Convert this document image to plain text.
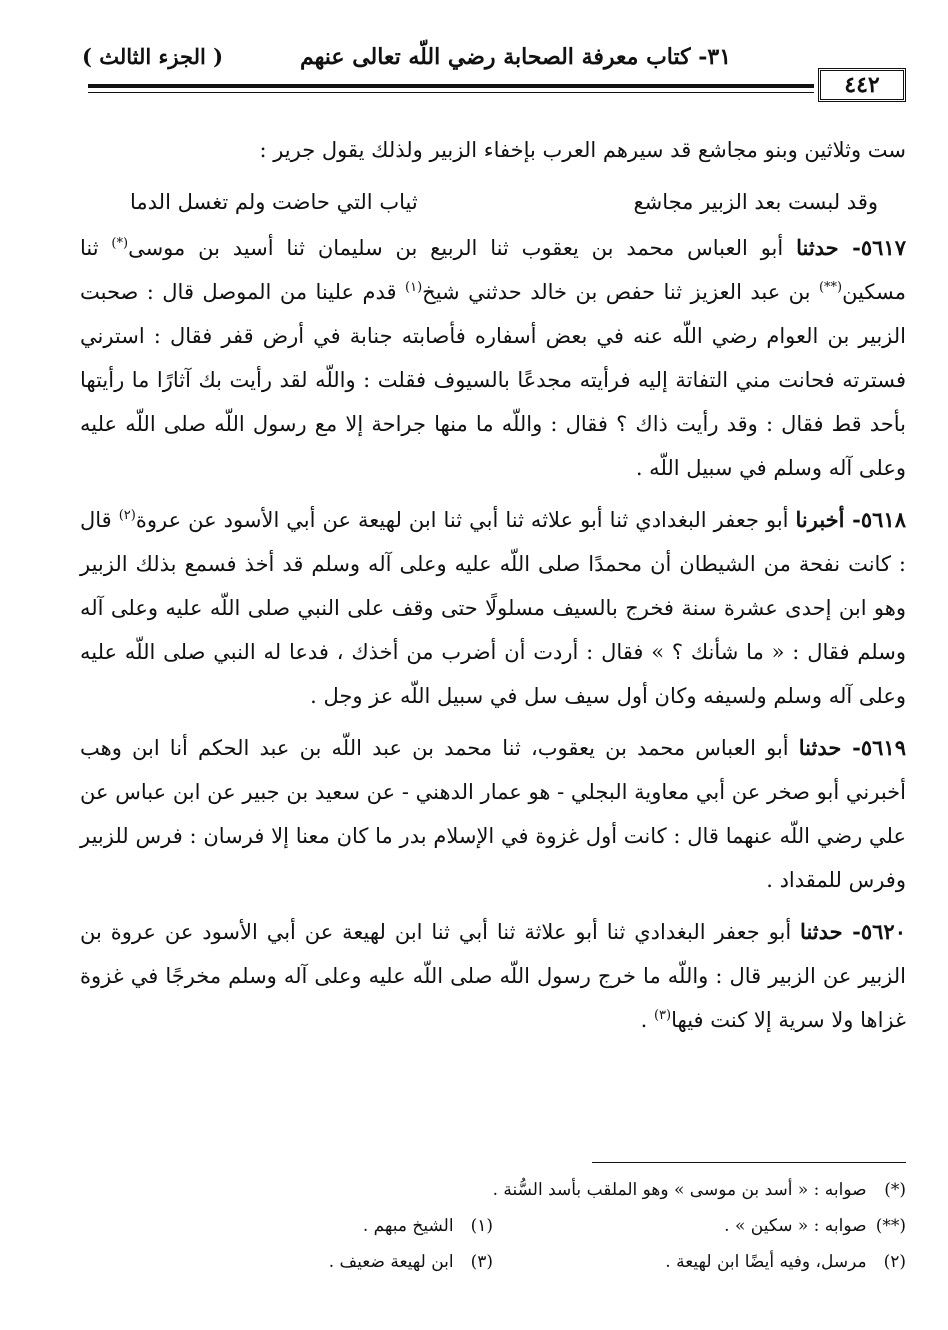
٣١- كتاب معرفة الصحابة رضي اللّه تعالى عنهم
( الجزء الثالث )
٤٤٢

ست وثلاثين وبنو مجاشع قد سيرهم العرب بإخفاء الزبير ولذلك يقول جرير :

وقد لبست بعد الزبير مجاشع
ثياب التي حاضت ولم تغسل الدما

٥٦١٧- حدثنا أبو العباس محمد بن يعقوب ثنا الربيع بن سليمان ثنا أسيد بن موسى(*) ثنا مسكين(**) بن عبد العزيز ثنا حفص بن خالد حدثني شيخ$^{(١)}$ قدم علينا من الموصل قال : صحبت الزبير بن العوام رضي اللّه عنه في بعض أسفاره فأصابته جنابة في أرض قفر فقال : استرني فسترته فحانت مني التفاتة إليه فرأيته مجدعًا بالسيوف فقلت : واللّه لقد رأيت بك آثارًا ما رأيتها بأحد قط فقال : وقد رأيت ذاك ؟ فقال : واللّه ما منها جراحة إلا مع رسول اللّه صلى اللّه عليه وعلى آله وسلم في سبيل اللّه .

٥٦١٨- أخبرنا أبو جعفر البغدادي ثنا أبو علاثه ثنا أبي ثنا ابن لهيعة عن أبي الأسود عن عروة$^{(٢)}$ قال : كانت نفحة من الشيطان أن محمدًا صلى اللّه عليه وعلى آله وسلم قد أخذ فسمع بذلك الزبير وهو ابن إحدى عشرة سنة فخرج بالسيف مسلولًا حتى وقف على النبي صلى اللّه عليه وعلى آله وسلم فقال : « ما شأنك ؟ » فقال : أردت أن أضرب من أخذك ، فدعا له النبي صلى اللّه عليه وعلى آله وسلم ولسيفه وكان أول سيف سل في سبيل اللّه عز وجل .

٥٦١٩- حدثنا أبو العباس محمد بن يعقوب، ثنا محمد بن عبد اللّه بن عبد الحكم أنا ابن وهب أخبرني أبو صخر عن أبي معاوية البجلي - هو عمار الدهني - عن سعيد بن جبير عن ابن عباس عن علي رضي اللّه عنهما قال : كانت أول غزوة في الإسلام بدر ما كان معنا إلا فرسان : فرس للزبير وفرس للمقداد .

٥٦٢٠- حدثنا أبو جعفر البغدادي ثنا أبو علاثة ثنا أبي ثنا ابن لهيعة عن أبي الأسود عن عروة بن الزبير عن الزبير قال : واللّه ما خرج رسول اللّه صلى اللّه عليه وعلى آله وسلم مخرجًا في غزوة غزاها ولا سرية إلا كنت فيها$^{(٣)}$ .

(*) صوابه : « أسد بن موسى » وهو الملقب بأسد السُّنة .
(**) صوابه : « سكين » .
(١) الشيخ مبهم .
(٢) مرسل، وفيه أيضًا ابن لهيعة .
(٣) ابن لهيعة ضعيف .
